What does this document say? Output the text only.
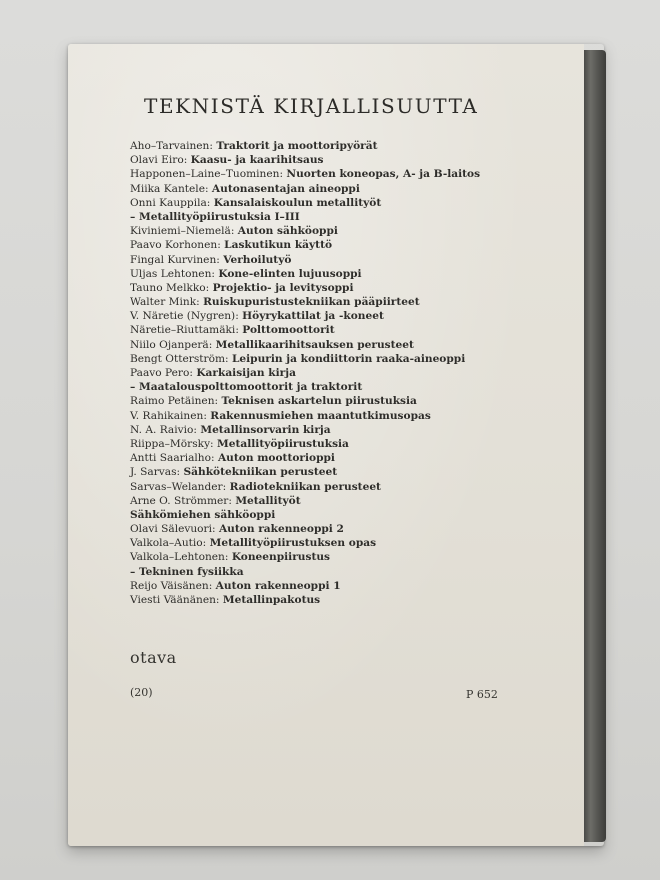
TEKNISTÄ KIRJALLISUUTTA
Aho–Tarvainen: Traktorit ja moottoripyörät
Olavi Eiro: Kaasu- ja kaarihitsaus
Happonen–Laine–Tuominen: Nuorten koneopas, A- ja B-laitos
Miika Kantele: Autonasentajan aineoppi
Onni Kauppila: Kansalaiskoulun metallityöt
– Metallityöpiirustuksia I–III
Kiviniemi–Niemelä: Auton sähköoppi
Paavo Korhonen: Laskutikun käyttö
Fingal Kurvinen: Verhoilutyö
Uljas Lehtonen: Kone-elinten lujuusoppi
Tauno Melkko: Projektio- ja levitysoppi
Walter Mink: Ruiskupuristustekniikan pääpiirteet
V. Näretie (Nygren): Höyrykattilat ja -koneet
Näretie–Riuttamäki: Polttomoottorit
Niilo Ojanperä: Metallikaarihitsauksen perusteet
Bengt Otterström: Leipurin ja kondiittorin raaka-aineoppi
Paavo Pero: Karkaisijan kirja
– Maatalouspolttomoottorit ja traktorit
Raimo Petäinen: Teknisen askartelun piirustuksia
V. Rahikainen: Rakennusmiehen maantutkimusopas
N. A. Raivio: Metallinsorvarin kirja
Riippa–Mörsky: Metallityöpiirustuksia
Antti Saarialho: Auton moottorioppi
J. Sarvas: Sähkötekniikan perusteet
Sarvas–Welander: Radiotekniikan perusteet
Arne O. Strömmer: Metallityöt
Sähkömiehen sähköoppi
Olavi Sälevuori: Auton rakenneoppi 2
Valkola–Autio: Metallityöpiirustuksen opas
Valkola–Lehtonen: Koneenpiirustus
– Tekninen fysiikka
Reijo Väisänen: Auton rakenneoppi 1
Viesti Väänänen: Metallinpakotus
otava
(20)	P 652
